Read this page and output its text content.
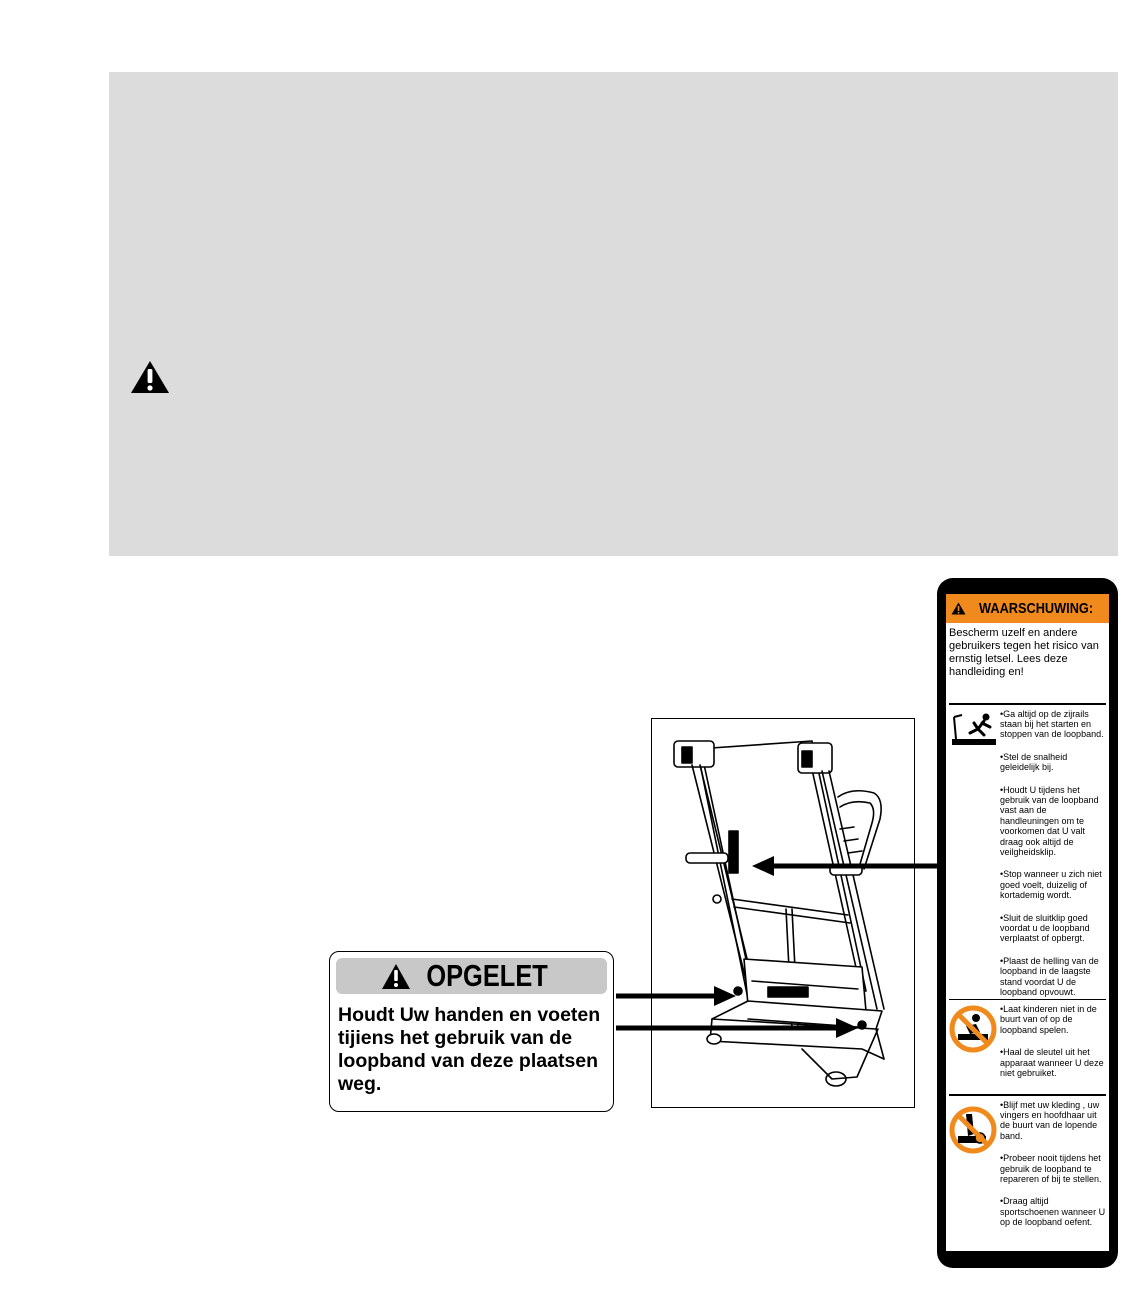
OPGELET
Houdt Uw handen en voeten tijiens het gebruik van de loopband van deze plaatsen weg.
WAARSCHUWING:
Bescherm uzelf en andere gebruikers tegen het risico van ernstig letsel. Lees deze handleiding en!

•Ga altijd op de zijrails staan bij het starten en stoppen van de loopband.

•Stel de snalheid geleidelijk bij.

•Houdt U tijdens het gebruik van de loopband vast aan de handleuningen om te voorkomen dat U valt draag ook altijd de veilgheidsklip.

•Stop wanneer u zich niet goed voelt, duizelig of kortademig wordt.

•Sluit de sluitklip goed voordat u de loopband verplaatst of opbergt.

•Plaast de helling van de loopband in de laagste stand voordat U de loopband opvouwt.

•Laat kinderen niet in de buurt van of op de loopband spelen.

•Haal de sleutel uit het apparaat wanneer U deze niet gebruiket.

•Blijf met uw kleding , uw vingers en hoofdhaar uit de buurt van de lopende band.

•Probeer nooit tijdens het gebruik de loopband te repareren of bij te stellen.

•Draag altijd sportschoenen wanneer U op de loopband oefent.
